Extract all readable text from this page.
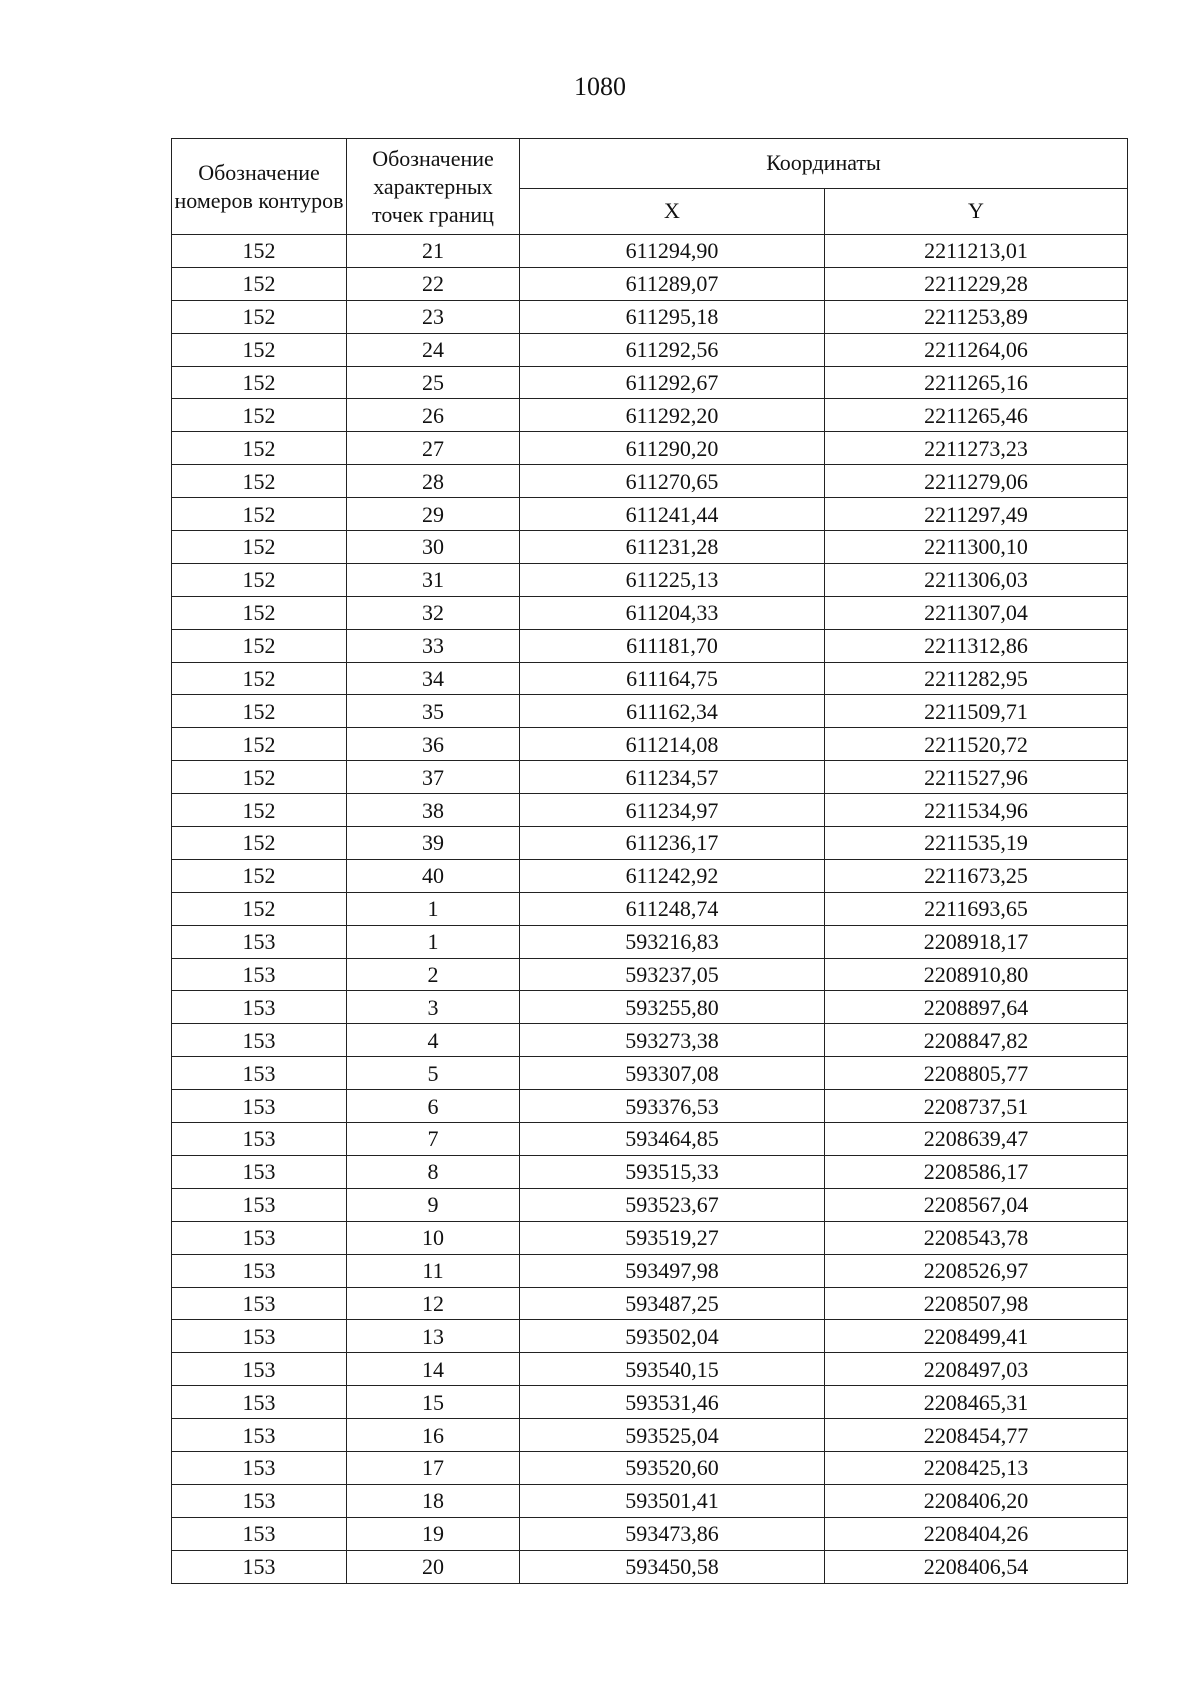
1080
Обозначение номеров контуров	Обозначение характерных точек границ	Координаты	
		X	Y
152	21	611294,90	2211213,01
152	22	611289,07	2211229,28
152	23	611295,18	2211253,89
152	24	611292,56	2211264,06
152	25	611292,67	2211265,16
152	26	611292,20	2211265,46
152	27	611290,20	2211273,23
152	28	611270,65	2211279,06
152	29	611241,44	2211297,49
152	30	611231,28	2211300,10
152	31	611225,13	2211306,03
152	32	611204,33	2211307,04
152	33	611181,70	2211312,86
152	34	611164,75	2211282,95
152	35	611162,34	2211509,71
152	36	611214,08	2211520,72
152	37	611234,57	2211527,96
152	38	611234,97	2211534,96
152	39	611236,17	2211535,19
152	40	611242,92	2211673,25
152	1	611248,74	2211693,65
153	1	593216,83	2208918,17
153	2	593237,05	2208910,80
153	3	593255,80	2208897,64
153	4	593273,38	2208847,82
153	5	593307,08	2208805,77
153	6	593376,53	2208737,51
153	7	593464,85	2208639,47
153	8	593515,33	2208586,17
153	9	593523,67	2208567,04
153	10	593519,27	2208543,78
153	11	593497,98	2208526,97
153	12	593487,25	2208507,98
153	13	593502,04	2208499,41
153	14	593540,15	2208497,03
153	15	593531,46	2208465,31
153	16	593525,04	2208454,77
153	17	593520,60	2208425,13
153	18	593501,41	2208406,20
153	19	593473,86	2208404,26
153	20	593450,58	2208406,54
